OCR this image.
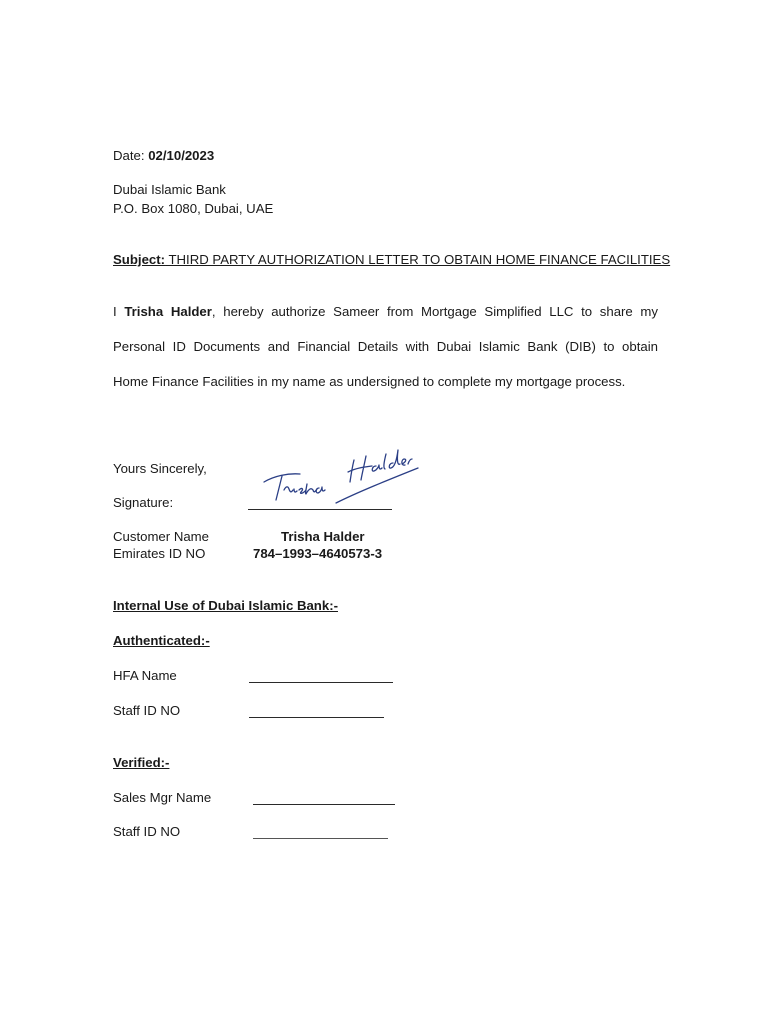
Date: 02/10/2023
Dubai Islamic Bank
P.O. Box 1080, Dubai, UAE
Subject: THIRD PARTY AUTHORIZATION LETTER TO OBTAIN HOME FINANCE FACILITIES
I Trisha Halder, hereby authorize Sameer from Mortgage Simplified LLC to share my
Personal ID Documents and Financial Details with Dubai Islamic Bank (DIB) to obtain
Home Finance Facilities in my name as undersigned to complete my mortgage process.
Yours Sincerely,
Signature:
Customer Name	Trisha Halder
Emirates ID NO	784–1993–4640573-3
Internal Use of Dubai Islamic Bank:-
Authenticated:-
HFA Name
Staff ID NO
Verified:-
Sales Mgr Name
Staff ID NO
